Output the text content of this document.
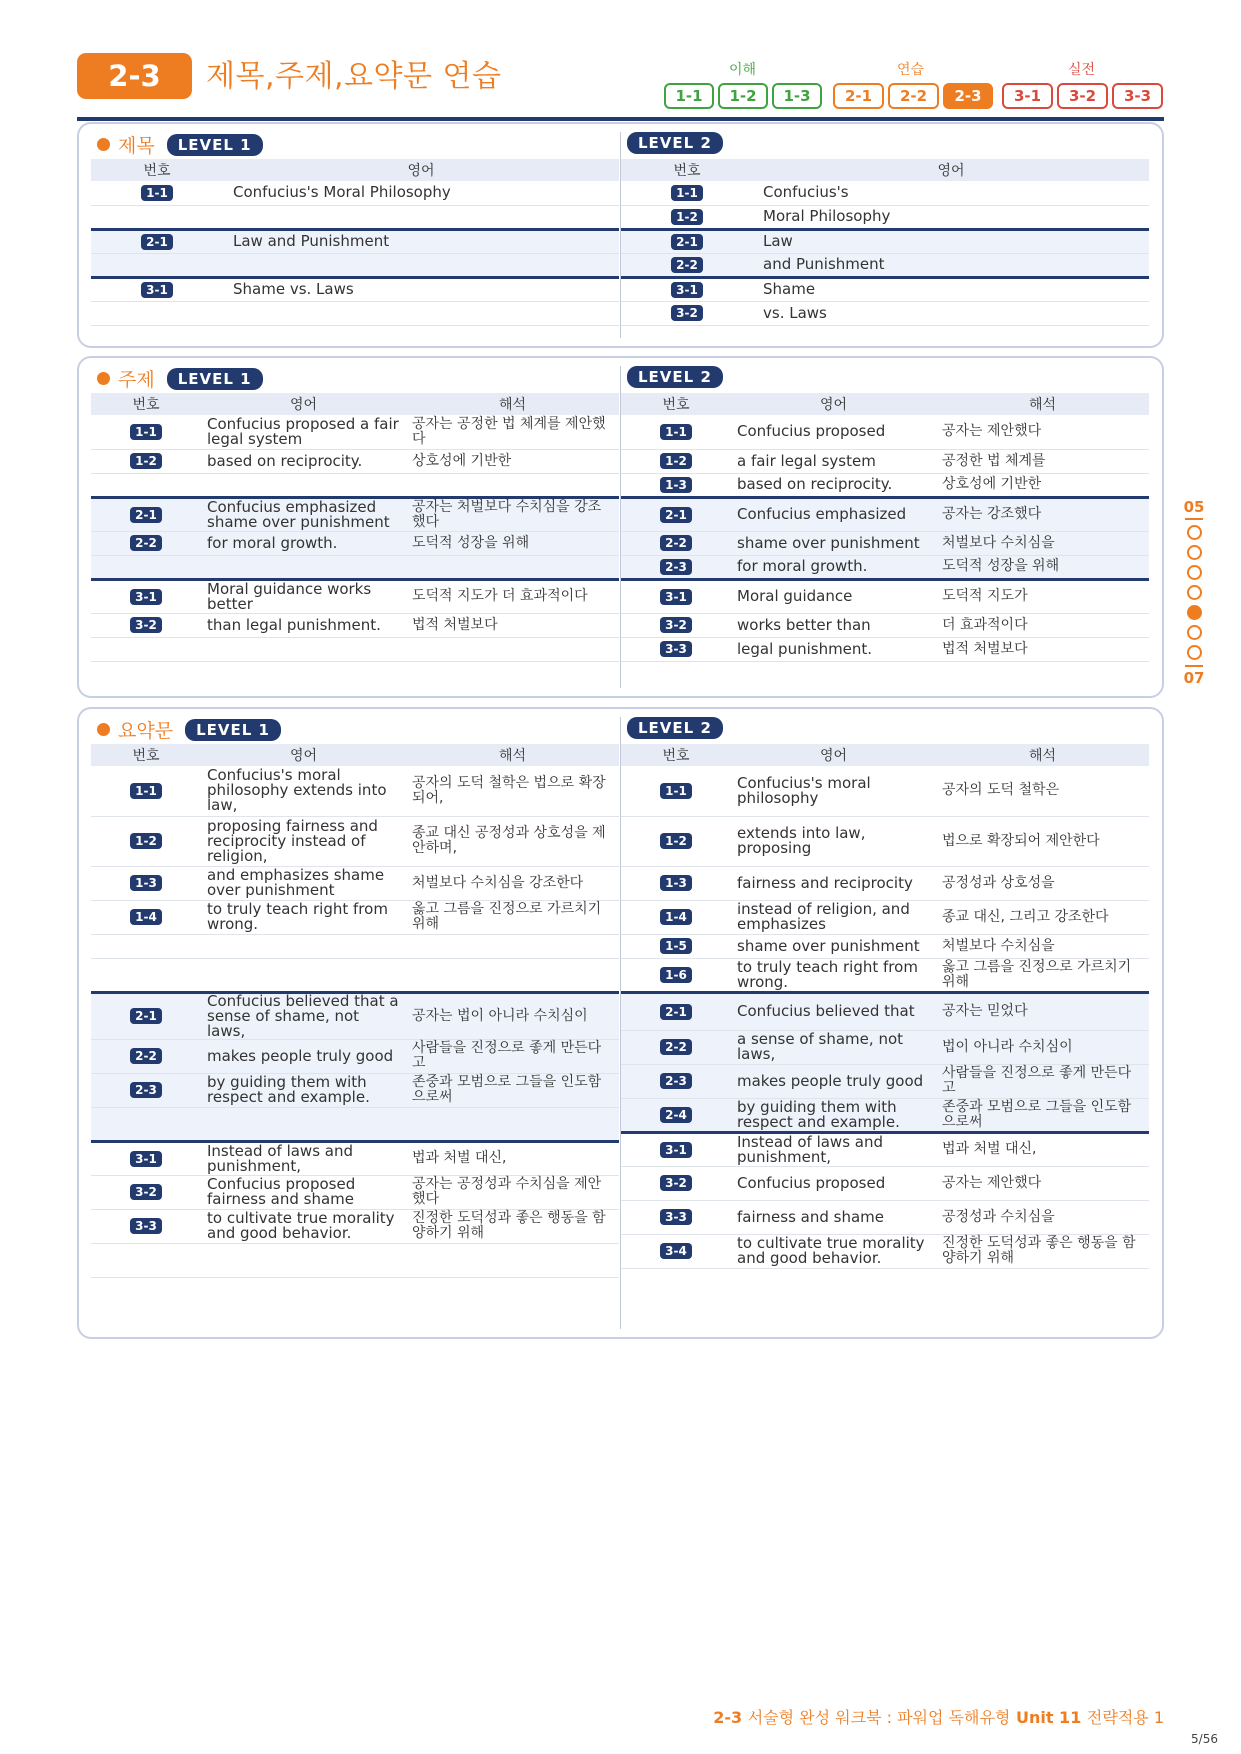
2-3	제목,주제,요약문 연습	이해	연습	실전
1-1	1-2	1-3	2-1	2-2	2-3	3-1	3-2	3-3
제목	LEVEL 1	LEVEL 2
주제	LEVEL 1	LEVEL 2
요약문	LEVEL 1	LEVEL 2
번호	영어
1-1	Confucius's Moral Philosophy

2-1	Law and Punishment

3-1	Shame vs. Laws

번호	영어
1-1	Confucius's
1-2	Moral Philosophy
2-1	Law
2-2	and Punishment
3-1	Shame
3-2	vs. Laws
번호	영어	해석
1-1	Confucius proposed a fair legal system	공자는 공정한 법 체계를 제안했다
1-2	based on reciprocity.	상호성에 기반한

2-1	Confucius emphasized shame over punishment	공자는 처벌보다 수치심을 강조했다
2-2	for moral growth.	도덕적 성장을 위해

3-1	Moral guidance works better	도덕적 지도가 더 효과적이다
3-2	than legal punishment.	법적 처벌보다

번호	영어	해석
1-1	Confucius proposed	공자는 제안했다
1-2	a fair legal system	공정한 법 체계를
1-3	based on reciprocity.	상호성에 기반한
2-1	Confucius emphasized	공자는 강조했다
2-2	shame over punishment	처벌보다 수치심을
2-3	for moral growth.	도덕적 성장을 위해
3-1	Moral guidance	도덕적 지도가
3-2	works better than	더 효과적이다
3-3	legal punishment.	법적 처벌보다
번호	영어	해석
1-1	Confucius's moral philosophy extends into law,	공자의 도덕 철학은 법으로 확장되어,
1-2	proposing fairness and reciprocity instead of religion,	종교 대신 공정성과 상호성을 제안하며,
1-3	and emphasizes shame over punishment	처벌보다 수치심을 강조한다
1-4	to truly teach right from wrong.	옳고 그름을 진정으로 가르치기 위해

2-1	Confucius believed that a sense of shame, not laws,	공자는 법이 아니라 수치심이
2-2	makes people truly good	사람들을 진정으로 좋게 만든다고
2-3	by guiding them with respect and example.	존중과 모범으로 그들을 인도함으로써

3-1	Instead of laws and punishment,	법과 처벌 대신,
3-2	Confucius proposed fairness and shame	공자는 공정성과 수치심을 제안했다
3-3	to cultivate true morality and good behavior.	진정한 도덕성과 좋은 행동을 함양하기 위해

번호	영어	해석
1-1	Confucius's moral philosophy	공자의 도덕 철학은
1-2	extends into law, proposing	법으로 확장되어 제안한다
1-3	fairness and reciprocity	공정성과 상호성을
1-4	instead of religion, and emphasizes	종교 대신, 그리고 강조한다
1-5	shame over punishment	처벌보다 수치심을
1-6	to truly teach right from wrong.	옳고 그름을 진정으로 가르치기 위해
2-1	Confucius believed that	공자는 믿었다
2-2	a sense of shame, not laws,	법이 아니라 수치심이
2-3	makes people truly good	사람들을 진정으로 좋게 만든다고
2-4	by guiding them with respect and example.	존중과 모범으로 그들을 인도함으로써
3-1	Instead of laws and punishment,	법과 처벌 대신,
3-2	Confucius proposed	공자는 제안했다
3-3	fairness and shame	공정성과 수치심을
3-4	to cultivate true morality and good behavior.	진정한 도덕성과 좋은 행동을 함양하기 위해
05
07
2-3 서술형 완성 워크북 : 파워업 독해유형 Unit 11 전략적용 1
5/56
